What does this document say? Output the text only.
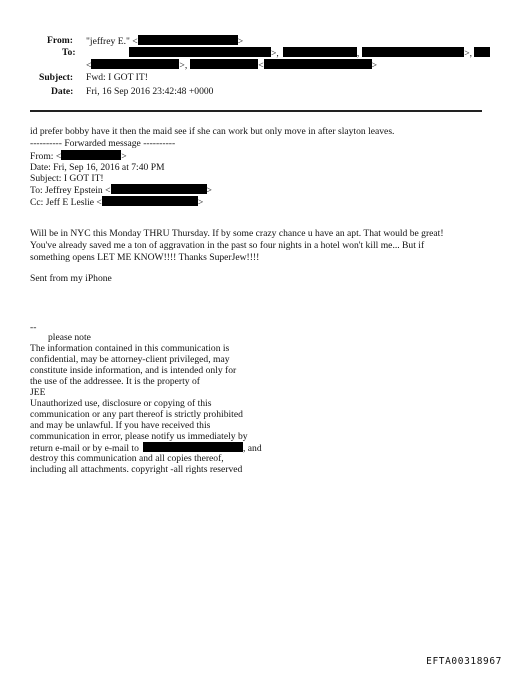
From: "jeffrey E." <	>
To:	>,	,	>,
<	>,	<	>
Subject: Fwd: I GOT IT!
Date: Fri, 16 Sep 2016 23:42:48 +0000
id prefer bobby have it then the maid see if she can work but only move in after slayton leaves.
---------- Forwarded message ----------
From: <	>
Date: Fri, Sep 16, 2016 at 7:40 PM
Subject: I GOT IT!
To: Jeffrey Epstein <	>
Cc: Jeff E Leslie <	>
Will be in NYC this Monday THRU Thursday. If by some crazy chance u have an apt. That would be great!
You've already saved me a ton of aggravation in the past so four nights in a hotel won't kill me... But if
something opens LET ME KNOW!!!! Thanks SuperJew!!!!
Sent from my iPhone
--
please note
The information contained in this communication is
confidential, may be attorney-client privileged, may
constitute inside information, and is intended only for
the use of the addressee. It is the property of
JEE
Unauthorized use, disclosure or copying of this
communication or any part thereof is strictly prohibited
and may be unlawful. If you have received this
communication in error, please notify us immediately by
return e-mail or by e-mail to	, and
destroy this communication and all copies thereof,
including all attachments. copyright -all rights reserved
EFTA00318967
